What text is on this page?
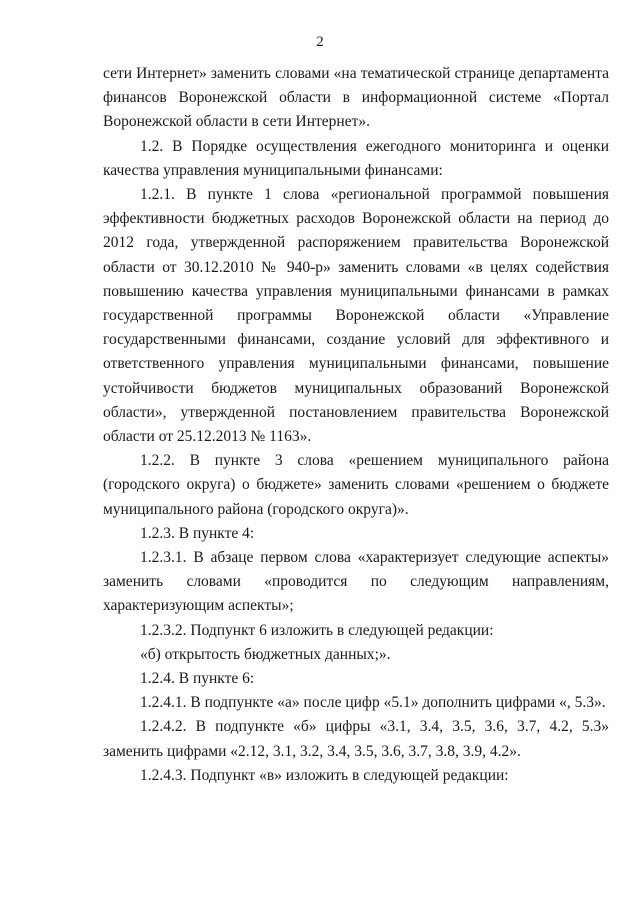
2

сети Интернет» заменить словами «на тематической странице департамента финансов Воронежской области в информационной системе «Портал Воронежской области в сети Интернет».

1.2. В Порядке осуществления ежегодного мониторинга и оценки качества управления муниципальными финансами:

1.2.1. В пункте 1 слова «региональной программой повышения эффективности бюджетных расходов Воронежской области на период до 2012 года, утвержденной распоряжением правительства Воронежской области от 30.12.2010 № 940-р» заменить словами «в целях содействия повышению качества управления муниципальными финансами в рамках государственной программы Воронежской области «Управление государственными финансами, создание условий для эффективного и ответственного управления муниципальными финансами, повышение устойчивости бюджетов муниципальных образований Воронежской области», утвержденной постановлением правительства Воронежской области от 25.12.2013 № 1163».

1.2.2. В пункте 3 слова «решением муниципального района (городского округа) о бюджете» заменить словами «решением о бюджете муниципального района (городского округа)».

1.2.3. В пункте 4:

1.2.3.1. В абзаце первом слова «характеризует следующие аспекты» заменить словами «проводится по следующим направлениям, характеризующим аспекты»;

1.2.3.2. Подпункт 6 изложить в следующей редакции:

«б) открытость бюджетных данных;».

1.2.4. В пункте 6:

1.2.4.1. В подпункте «а» после цифр «5.1» дополнить цифрами «, 5.3».

1.2.4.2. В подпункте «б» цифры «3.1, 3.4, 3.5, 3.6, 3.7, 4.2, 5.3» заменить цифрами «2.12, 3.1, 3.2, 3.4, 3.5, 3.6, 3.7, 3.8, 3.9, 4.2».

1.2.4.3. Подпункт «в» изложить в следующей редакции:
